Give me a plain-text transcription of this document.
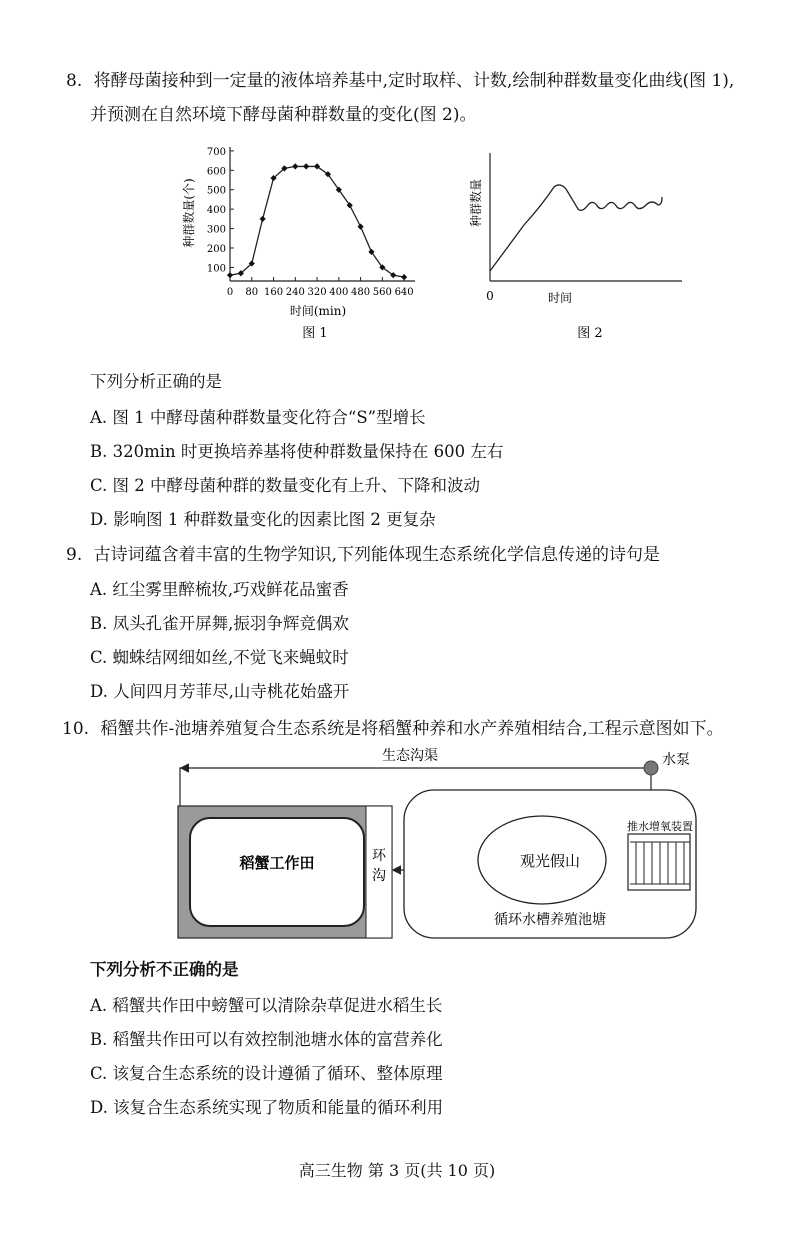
8. 将酵母菌接种到一定量的液体培养基中,定时取样、计数,绘制种群数量变化曲线(图 1),
并预测在自然环境下酵母菌种群数量的变化(图 2)。
100
200
300
400
500
600
700
0 80 160 240 320 400 480 560 640
种群数量(个)
时间(min)
图 1
种群数量
0	时间
图 2
下列分析正确的是
A. 图 1 中酵母菌种群数量变化符合“S”型增长
B. 320min 时更换培养基将使种群数量保持在 600 左右
C. 图 2 中酵母菌种群的数量变化有上升、下降和波动
D. 影响图 1 种群数量变化的因素比图 2 更复杂
9. 古诗词蕴含着丰富的生物学知识,下列能体现生态系统化学信息传递的诗句是
A. 红尘雾里醉梳妆,巧戏鲜花品蜜香
B. 凤头孔雀开屏舞,振羽争辉竞偶欢
C. 蜘蛛结网细如丝,不觉飞来蝇蚊时
D. 人间四月芳菲尽,山寺桃花始盛开
10. 稻蟹共作-池塘养殖复合生态系统是将稻蟹种养和水产养殖相结合,工程示意图如下。
生态沟渠	水泵
稻蟹工作田	环
沟
观光假山
推水增氧装置
循环水槽养殖池塘
下列分析不正确的是
A. 稻蟹共作田中螃蟹可以清除杂草促进水稻生长
B. 稻蟹共作田可以有效控制池塘水体的富营养化
C. 该复合生态系统的设计遵循了循环、整体原理
D. 该复合生态系统实现了物质和能量的循环利用
高三生物 第 3 页(共 10 页)
